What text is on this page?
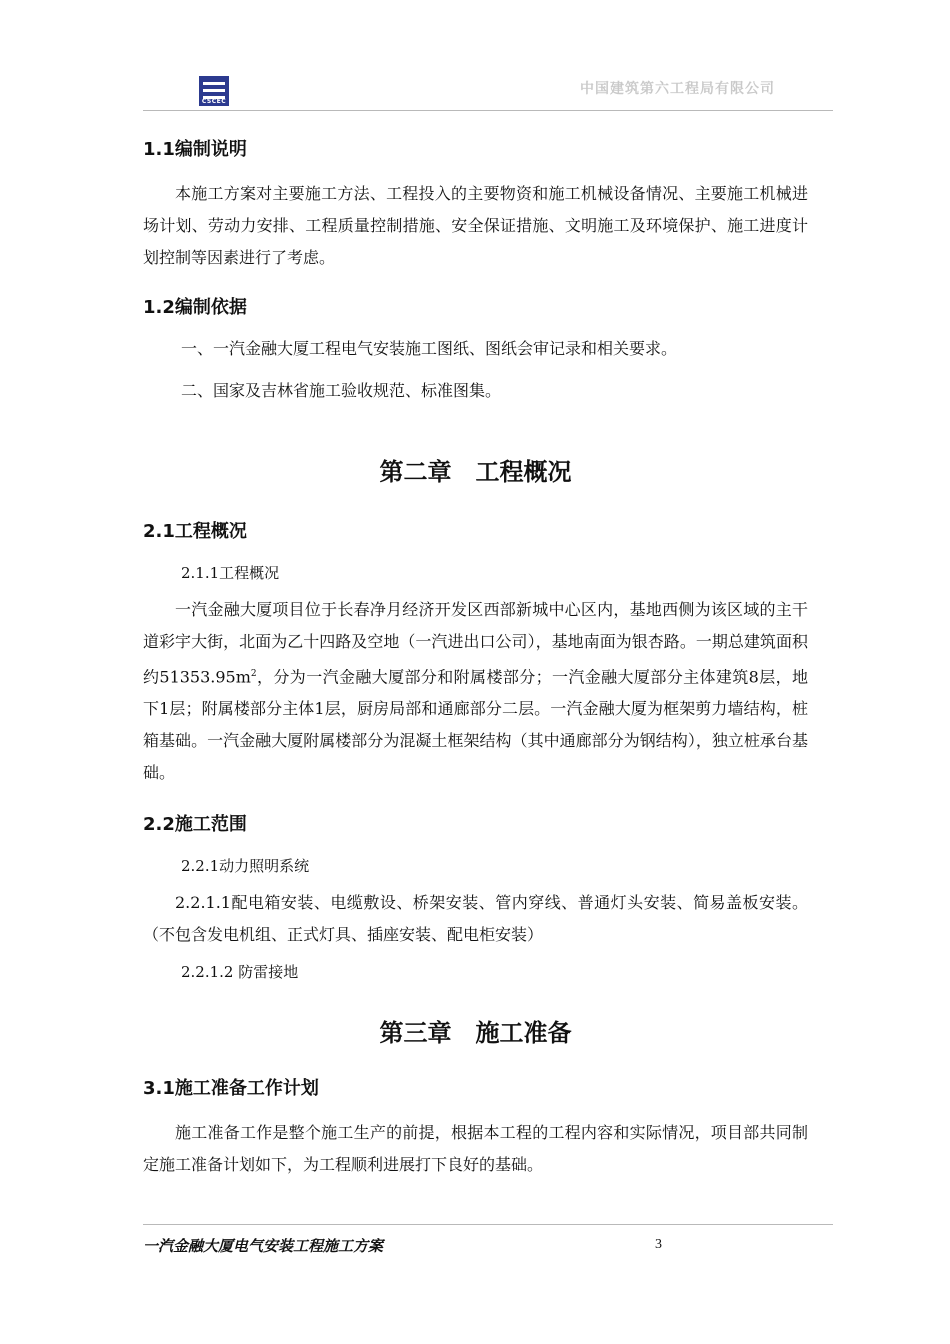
CSCEC
中国建筑第六工程局有限公司
1.1编制说明

本施工方案对主要施工方法、工程投入的主要物资和施工机械设备情况、主要施工机械进场计划、劳动力安排、工程质量控制措施、安全保证措施、文明施工及环境保护、施工进度计划控制等因素进行了考虑。

1.2编制依据

一、一汽金融大厦工程电气安装施工图纸、图纸会审记录和相关要求。

二、国家及吉林省施工验收规范、标准图集。

第二章　工程概况
2.1工程概况

2.1.1工程概况

一汽金融大厦项目位于长春净月经济开发区西部新城中心区内，基地西侧为该区域的主干道彩宇大街，北面为乙十四路及空地（一汽进出口公司），基地南面为银杏路。一期总建筑面积约$51353.95m^2$，分为一汽金融大厦部分和附属楼部分；一汽金融大厦部分主体建筑8层，地下1层；附属楼部分主体1层，厨房局部和通廊部分二层。一汽金融大厦为框架剪力墙结构，桩箱基础。一汽金融大厦附属楼部分为混凝土框架结构（其中通廊部分为钢结构），独立桩承台基础。

2.2施工范围

2.2.1动力照明系统

2.2.1.1配电箱安装、电缆敷设、桥架安装、管内穿线、普通灯头安装、简易盖板安装。（不包含发电机组、正式灯具、插座安装、配电柜安装）

2.2.1.2 防雷接地

第三章　施工准备
3.1施工准备工作计划

施工准备工作是整个施工生产的前提，根据本工程的工程内容和实际情况，项目部共同制定施工准备计划如下，为工程顺利进展打下良好的基础。

一汽金融大厦电气安装工程施工方案	3
